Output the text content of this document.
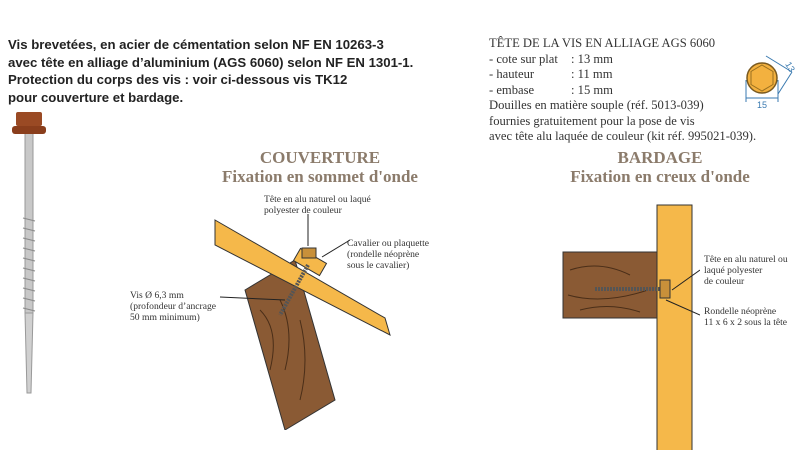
Vis brevetées, en acier de cémentation selon NF EN 10263-3
avec tête en alliage d’aluminium (AGS 6060) selon NF EN 1301-1.
Protection du corps des vis : voir ci-dessous vis TK12
pour couverture et bardage.
TÊTE DE LA VIS EN ALLIAGE AGS 6060
- cote sur plat : 13 mm
- hauteur	: 11 mm
- embase	: 15 mm
Douilles en matière souple (réf. 5013-039)
fournies gratuitement pour la pose de vis
avec tête alu laquée de couleur (kit réf. 995021-039).
15
13
COUVERTURE
Fixation en sommet d'onde
BARDAGE
Fixation en creux d'onde
Tête en alu naturel ou laqué
polyester de couleur
Cavalier ou plaquette
(rondelle néoprène
sous le cavalier)
Vis Ø 6,3 mm
(profondeur d’ancrage
50 mm minimum)
Tête en alu naturel ou
laqué polyester
de couleur
Rondelle néoprène
11 x 6 x 2 sous la tête
